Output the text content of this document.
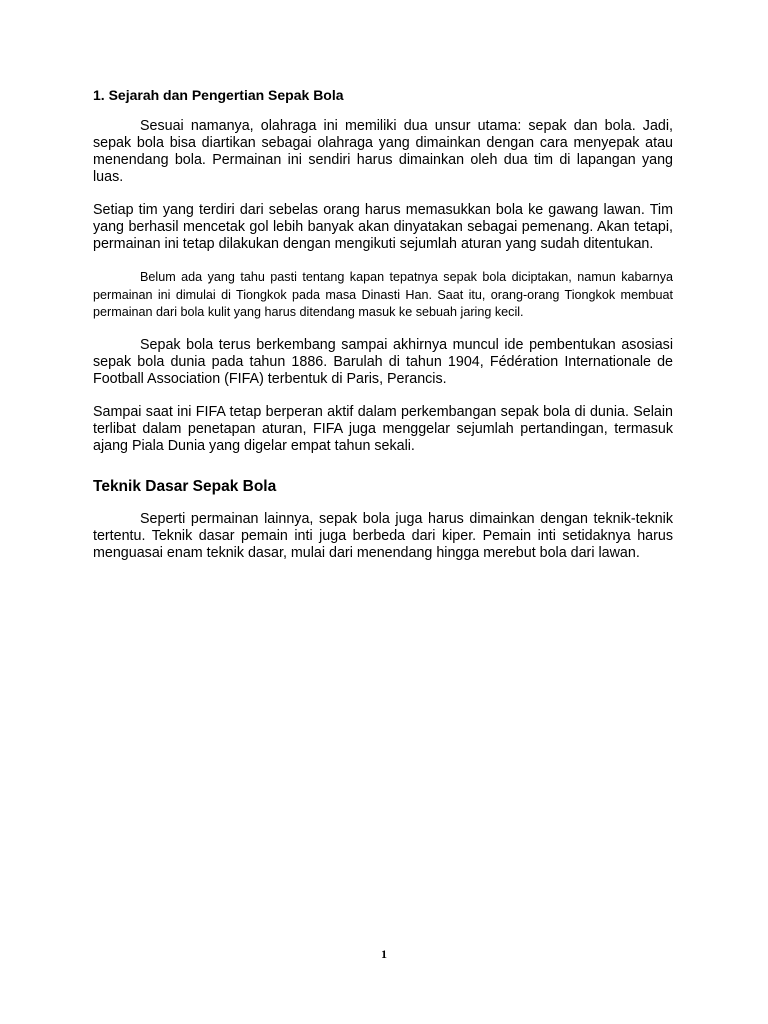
1. Sejarah dan Pengertian Sepak Bola

Sesuai namanya, olahraga ini memiliki dua unsur utama: sepak dan bola. Jadi, sepak bola bisa diartikan sebagai olahraga yang dimainkan dengan cara menyepak atau menendang bola. Permainan ini sendiri harus dimainkan oleh dua tim di lapangan yang luas.

Setiap tim yang terdiri dari sebelas orang harus memasukkan bola ke gawang lawan. Tim yang berhasil mencetak gol lebih banyak akan dinyatakan sebagai pemenang. Akan tetapi, permainan ini tetap dilakukan dengan mengikuti sejumlah aturan yang sudah ditentukan.

Belum ada yang tahu pasti tentang kapan tepatnya sepak bola diciptakan, namun kabarnya permainan ini dimulai di Tiongkok pada masa Dinasti Han. Saat itu, orang-orang Tiongkok membuat permainan dari bola kulit yang harus ditendang masuk ke sebuah jaring kecil.

Sepak bola terus berkembang sampai akhirnya muncul ide pembentukan asosiasi sepak bola dunia pada tahun 1886. Barulah di tahun 1904, Fédération Internationale de Football Association (FIFA) terbentuk di Paris, Perancis.

Sampai saat ini FIFA tetap berperan aktif dalam perkembangan sepak bola di dunia. Selain terlibat dalam penetapan aturan, FIFA juga menggelar sejumlah pertandingan, termasuk ajang Piala Dunia yang digelar empat tahun sekali.

Teknik Dasar Sepak Bola

Seperti permainan lainnya, sepak bola juga harus dimainkan dengan teknik-teknik tertentu. Teknik dasar pemain inti juga berbeda dari kiper. Pemain inti setidaknya harus menguasai enam teknik dasar, mulai dari menendang hingga merebut bola dari lawan.

1
